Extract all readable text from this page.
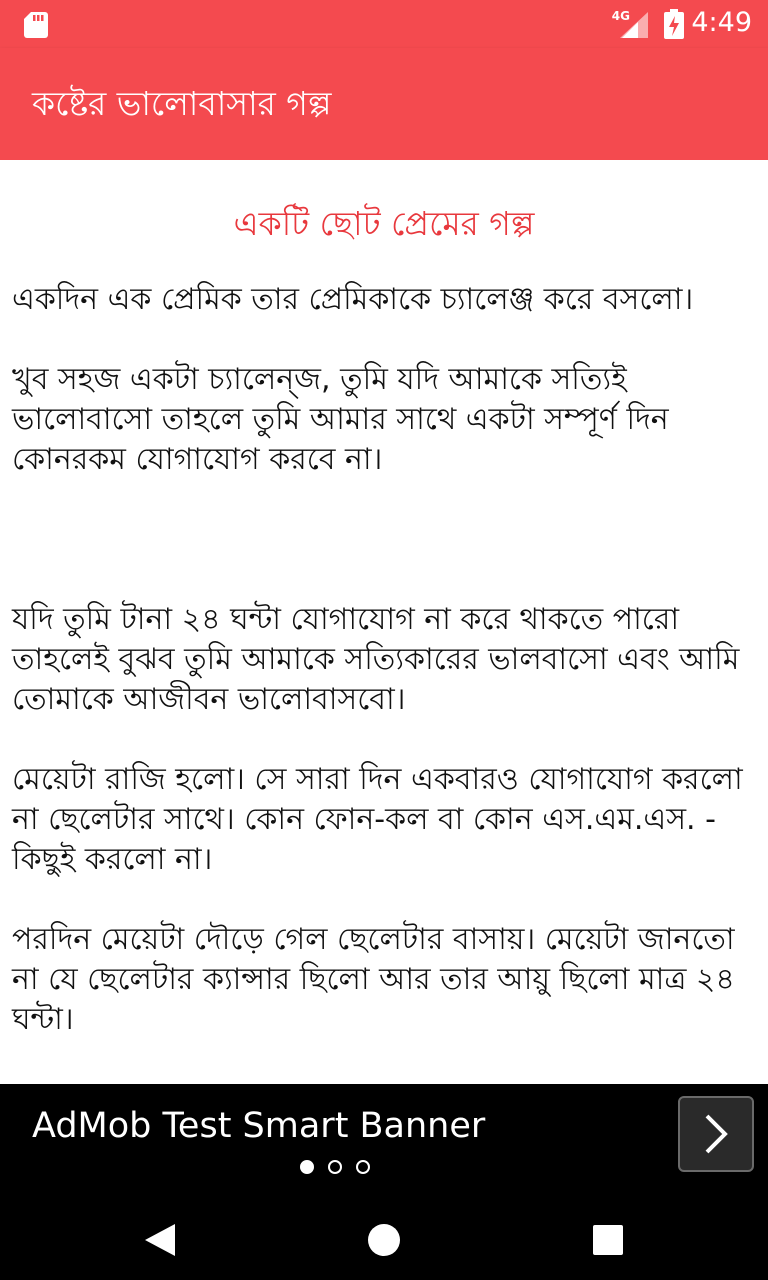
4G 4:49
কষ্টের ভালোবাসার গল্প
একটি ছোট প্রেমের গল্প

একদিন এক প্রেমিক তার প্রেমিকাকে চ্যালেঞ্জ করে বসলো।

খুব সহজ একটা চ্যালেন্জ, তুমি যদি আমাকে সত্যিই ভালোবাসো তাহলে তুমি আমার সাথে একটা সম্পূর্ণ দিন কোনরকম যোগাযোগ করবে না।

যদি তুমি টানা ২৪ ঘন্টা যোগাযোগ না করে থাকতে পারো তাহলেই বুঝব তুমি আমাকে সত্যিকারের ভালবাসো এবং আমি তোমাকে আজীবন ভালোবাসবো।

মেয়েটা রাজি হলো। সে সারা দিন একবারও যোগাযোগ করলো না ছেলেটার সাথে। কোন ফোন-কল বা কোন এস.এম.এস. - কিছুই করলো না।

পরদিন মেয়েটা দৌড়ে গেল ছেলেটার বাসায়। মেয়েটা জানতো না যে ছেলেটার ক্যান্সার ছিলো আর তার আয়ু ছিলো মাত্র ২৪ ঘন্টা।

AdMob Test Smart Banner
